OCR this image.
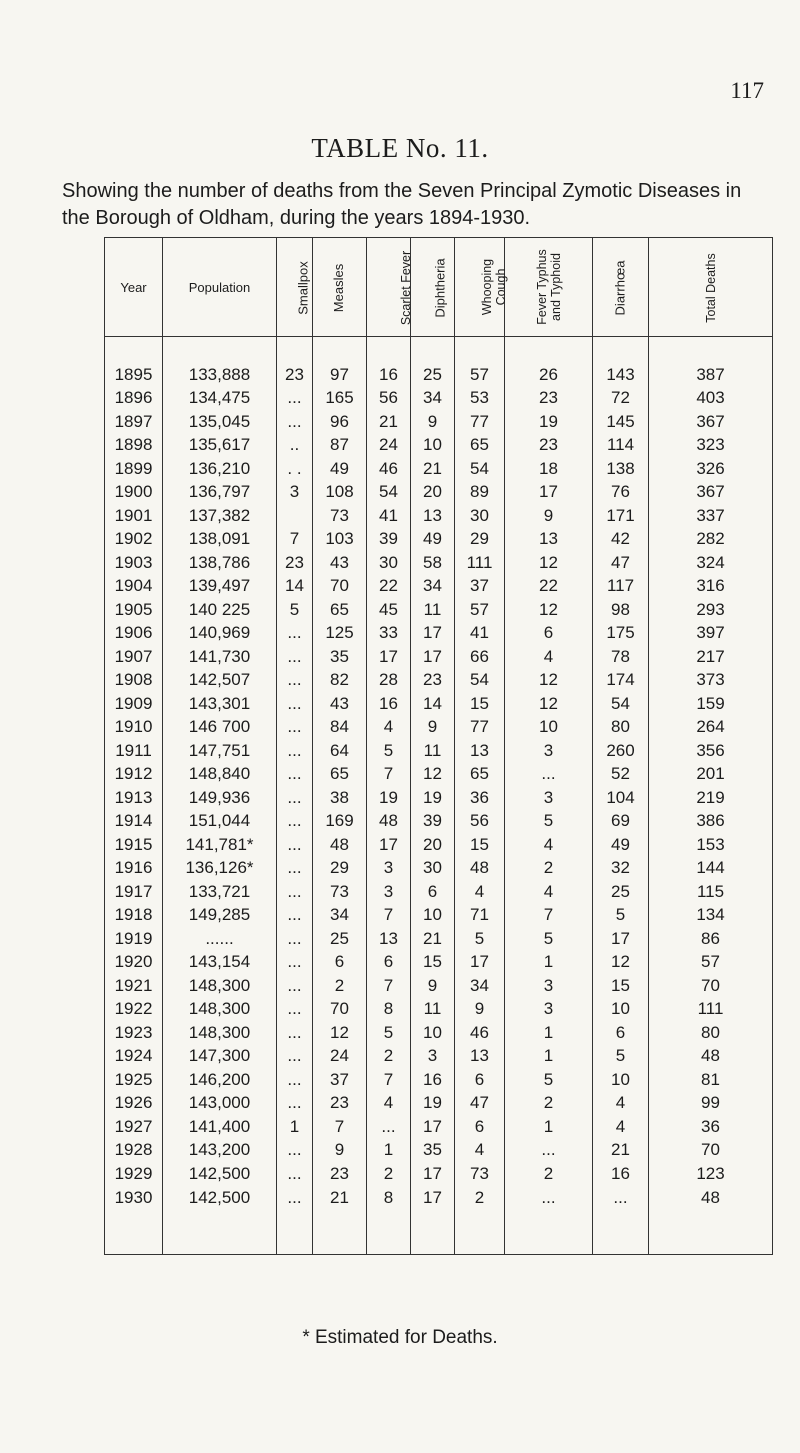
117
TABLE No. 11.
Showing the number of deaths from the Seven Principal Zymotic Diseases in the Borough of Oldham, during the years 1894-1930.
Year	Population	Smallpox	Measles	Scarlet Fever	Diphtheria	Whooping Cough	Fever Typhus and Typhoid	Diarrhœa	Total Deaths

1895	133,888	23	97	16	25	57	26	143	387
1896	134,475	...	165	56	34	53	23	72	403
1897	135,045	...	96	21	9	77	19	145	367
1898	135,617	..	87	24	10	65	23	114	323
1899	136,210	. .	49	46	21	54	18	138	326
1900	136,797	3	108	54	20	89	17	76	367
1901	137,382		73	41	13	30	9	171	337
1902	138,091	7	103	39	49	29	13	42	282
1903	138,786	23	43	30	58	111	12	47	324
1904	139,497	14	70	22	34	37	22	117	316
1905	140 225	5	65	45	11	57	12	98	293
1906	140,969	...	125	33	17	41	6	175	397
1907	141,730	...	35	17	17	66	4	78	217
1908	142,507	...	82	28	23	54	12	174	373
1909	143,301	...	43	16	14	15	12	54	159
1910	146 700	...	84	4	9	77	10	80	264
1911	147,751	...	64	5	11	13	3	260	356
1912	148,840	...	65	7	12	65	...	52	201
1913	149,936	...	38	19	19	36	3	104	219
1914	151,044	...	169	48	39	56	5	69	386
1915	141,781*	...	48	17	20	15	4	49	153
1916	136,126*	...	29	3	30	48	2	32	144
1917	133,721	...	73	3	6	4	4	25	115
1918	149,285	...	34	7	10	71	7	5	134
1919	......	...	25	13	21	5	5	17	86
1920	143,154	...	6	6	15	17	1	12	57
1921	148,300	...	2	7	9	34	3	15	70
1922	148,300	...	70	8	11	9	3	10	111
1923	148,300	...	12	5	10	46	1	6	80
1924	147,300	...	24	2	3	13	1	5	48
1925	146,200	...	37	7	16	6	5	10	81
1926	143,000	...	23	4	19	47	2	4	99
1927	141,400	1	7	...	17	6	1	4	36
1928	143,200	...	9	1	35	4	...	21	70
1929	142,500	...	23	2	17	73	2	16	123
1930	142,500	...	21	8	17	2	...	...	48
* Estimated for Deaths.
